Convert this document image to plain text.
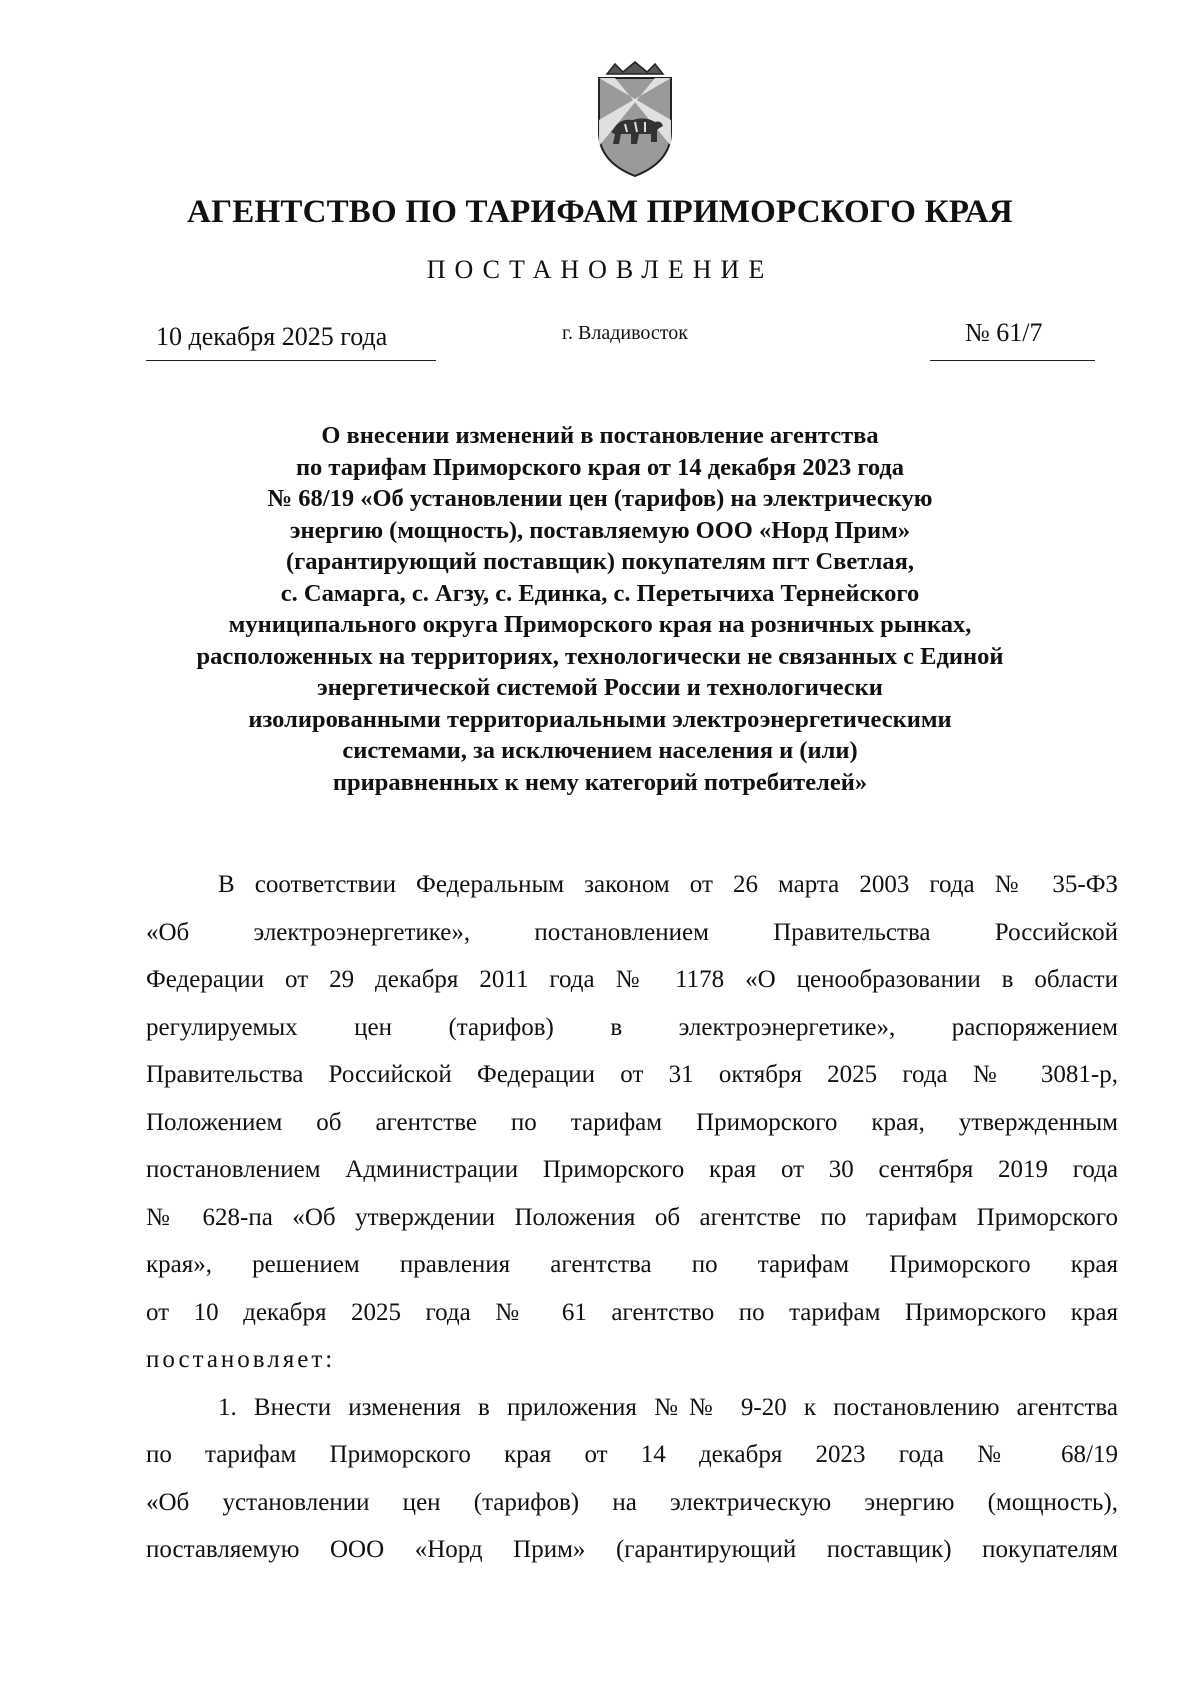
АГЕНТСТВО ПО ТАРИФАМ ПРИМОРСКОГО КРАЯ
ПОСТАНОВЛЕНИЕ
10 декабря 2025 года	г. Владивосток	№ 61/7
О внесении изменений в постановление агентства
по тарифам Приморского края от 14 декабря 2023 года
№ 68/19 «Об установлении цен (тарифов) на электрическую
энергию (мощность), поставляемую ООО «Норд Прим»
(гарантирующий поставщик) покупателям пгт Светлая,
с. Самарга, с. Агзу, с. Единка, с. Перетычиха Тернейского
муниципального округа Приморского края на розничных рынках,
расположенных на территориях, технологически не связанных с Единой
энергетической системой России и технологически
изолированными территориальными электроэнергетическими
системами, за исключением населения и (или)
приравненных к нему категорий потребителей»
В соответствии Федеральным законом от 26 марта 2003 года № 35-ФЗ
«Об электроэнергетике», постановлением Правительства Российской
Федерации от 29 декабря 2011 года № 1178 «О ценообразовании в области
регулируемых цен (тарифов) в электроэнергетике», распоряжением
Правительства Российской Федерации от 31 октября 2025 года № 3081-р,
Положением об агентстве по тарифам Приморского края, утвержденным
постановлением Администрации Приморского края от 30 сентября 2019 года
№ 628-па «Об утверждении Положения об агентстве по тарифам Приморского
края», решением правления агентства по тарифам Приморского края
от 10 декабря 2025 года № 61 агентство по тарифам Приморского края
постановляет:
1. Внести изменения в приложения №№ 9-20 к постановлению агентства
по тарифам Приморского края от 14 декабря 2023 года № 68/19
«Об установлении цен (тарифов) на электрическую энергию (мощность),
поставляемую ООО «Норд Прим» (гарантирующий поставщик) покупателям
